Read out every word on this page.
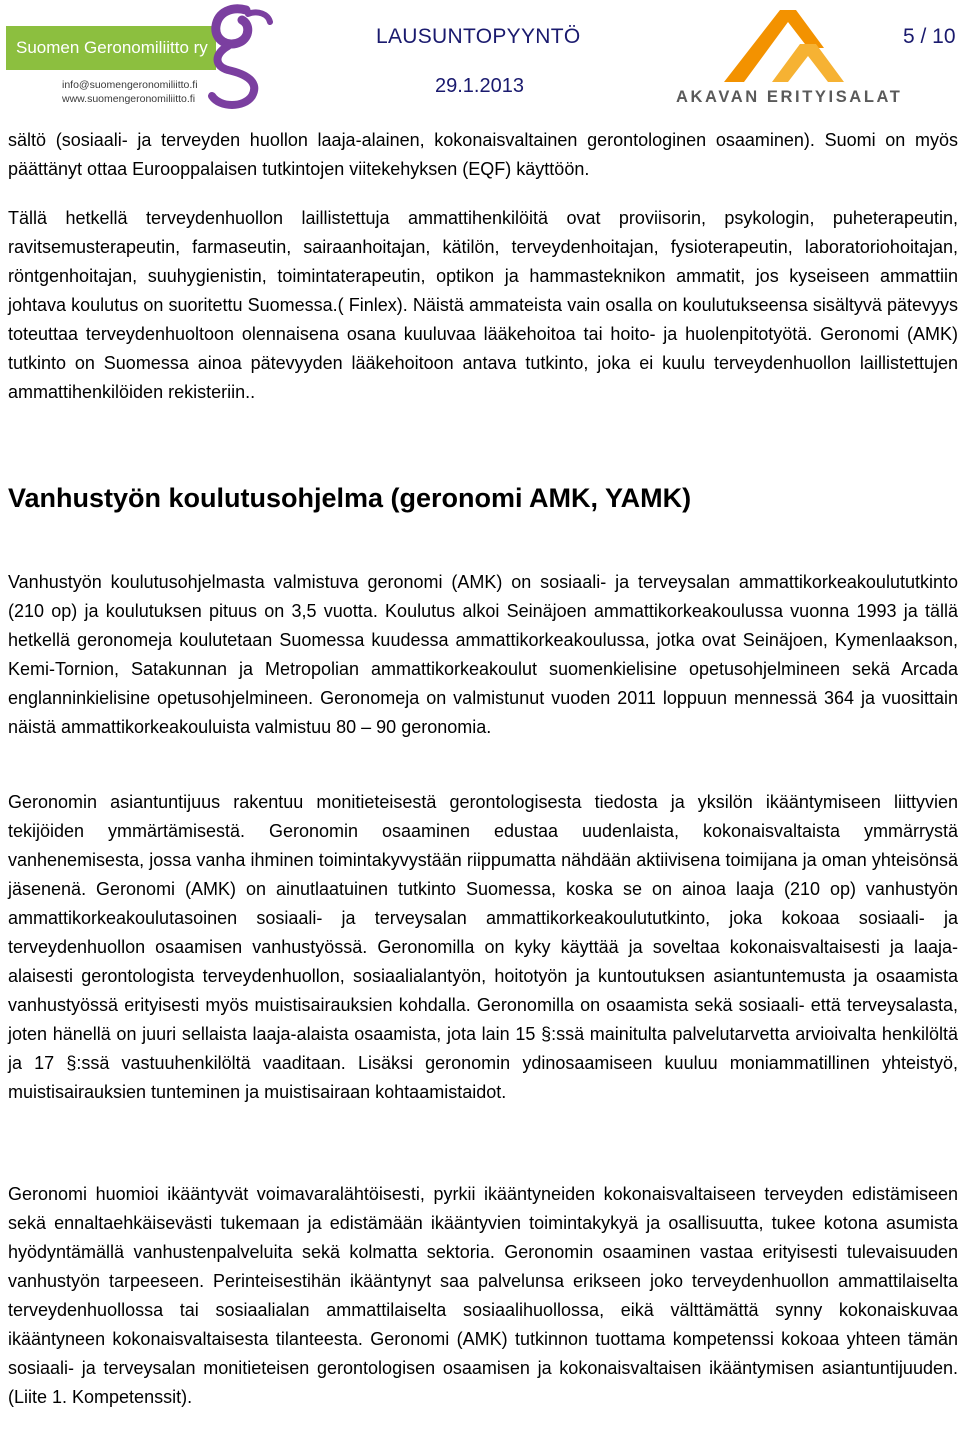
Suomen Geronomiliitto ry
info@suomengeronomiliitto.fi
www.suomengeronomiliitto.fi
LAUSUNTOPYYNTÖ	5 / 10
29.1.2013	AKAVAN ERITYISALAT

sältö (sosiaali- ja terveyden huollon laaja-alainen, kokonaisvaltainen gerontologinen osaaminen). Suomi on myös päättänyt ottaa Eurooppalaisen tutkintojen viitekehyksen (EQF) käyttöön.

Tällä hetkellä terveydenhuollon laillistettuja ammattihenkilöitä ovat proviisorin, psykologin, puheterapeutin, ravitsemusterapeutin, farmaseutin, sairaanhoitajan, kätilön, terveydenhoitajan, fysioterapeutin, laboratoriohoitajan, röntgenhoitajan, suuhygienistin, toimintaterapeutin, optikon ja hammasteknikon ammatit, jos kyseiseen ammattiin johtava koulutus on suoritettu Suomessa.( Finlex). Näistä ammateista vain osalla on koulutukseensa sisältyvä pätevyys toteuttaa terveydenhuoltoon olennaisena osana kuuluvaa lääkehoitoa tai hoito- ja huolenpitotyötä. Geronomi (AMK) tutkinto on Suomessa ainoa pätevyyden lääkehoitoon antava tutkinto, joka ei kuulu terveydenhuollon laillistettujen ammattihenkilöiden rekisteriin..

Vanhustyön koulutusohjelma (geronomi AMK, YAMK)

Vanhustyön koulutusohjelmasta valmistuva geronomi (AMK) on sosiaali- ja terveysalan ammattikorkeakoulututkinto (210 op) ja koulutuksen pituus on 3,5 vuotta. Koulutus alkoi Seinäjoen ammattikorkeakoulussa vuonna 1993 ja tällä hetkellä geronomeja koulutetaan Suomessa kuudessa ammattikorkeakoulussa, jotka ovat Seinäjoen, Kymenlaakson, Kemi-Tornion, Satakunnan ja Metropolian ammattikorkeakoulut suomenkielisine opetusohjelmineen sekä Arcada englanninkielisine opetusohjelmineen. Geronomeja on valmistunut vuoden 2011 loppuun mennessä 364 ja vuosittain näistä ammattikorkeakouluista valmistuu 80 – 90 geronomia.

Geronomin asiantuntijuus rakentuu monitieteisestä gerontologisesta tiedosta ja yksilön ikääntymiseen liittyvien tekijöiden ymmärtämisestä. Geronomin osaaminen edustaa uudenlaista, kokonaisvaltaista ymmärrystä vanhenemisesta, jossa vanha ihminen toimintakyvystään riippumatta nähdään aktiivisena toimijana ja oman yhteisönsä jäsenenä. Geronomi (AMK) on ainutlaatuinen tutkinto Suomessa, koska se on ainoa laaja (210 op) vanhustyön ammattikorkeakoulutasoinen sosiaali- ja terveysalan ammattikorkeakoulututkinto, joka kokoaa sosiaali- ja terveydenhuollon osaamisen vanhustyössä. Geronomilla on kyky käyttää ja soveltaa kokonaisvaltaisesti ja laaja-alaisesti gerontologista terveydenhuollon, sosiaalialantyön, hoitotyön ja kuntoutuksen asiantuntemusta ja osaamista vanhustyössä erityisesti myös muistisairauksien kohdalla. Geronomilla on osaamista sekä sosiaali- että terveysalasta, joten hänellä on juuri sellaista laaja-alaista osaamista, jota lain 15 §:ssä mainitulta palvelutarvetta arvioivalta henkilöltä ja 17 §:ssä vastuuhenkilöltä vaaditaan. Lisäksi geronomin ydinosaamiseen kuuluu moniammatillinen yhteistyö, muistisairauksien tunteminen ja muistisairaan kohtaamistaidot.

Geronomi huomioi ikääntyvät voimavaralähtöisesti, pyrkii ikääntyneiden kokonaisvaltaiseen terveyden edistämiseen sekä ennaltaehkäisevästi tukemaan ja edistämään ikääntyvien toimintakykyä ja osallisuutta, tukee kotona asumista hyödyntämällä vanhustenpalveluita sekä kolmatta sektoria. Geronomin osaaminen vastaa erityisesti tulevaisuuden vanhustyön tarpeeseen. Perinteisestihän ikääntynyt saa palvelunsa erikseen joko terveydenhuollon ammattilaiselta terveydenhuollossa tai sosiaalialan ammattilaiselta sosiaalihuollossa, eikä välttämättä synny kokonaiskuvaa ikääntyneen kokonaisvaltaisesta tilanteesta. Geronomi (AMK) tutkinnon tuottama kompetenssi kokoaa yhteen tämän sosiaali- ja terveysalan monitieteisen gerontologisen osaamisen ja kokonaisvaltaisen ikääntymisen asiantuntijuuden. (Liite 1. Kompetenssit).
